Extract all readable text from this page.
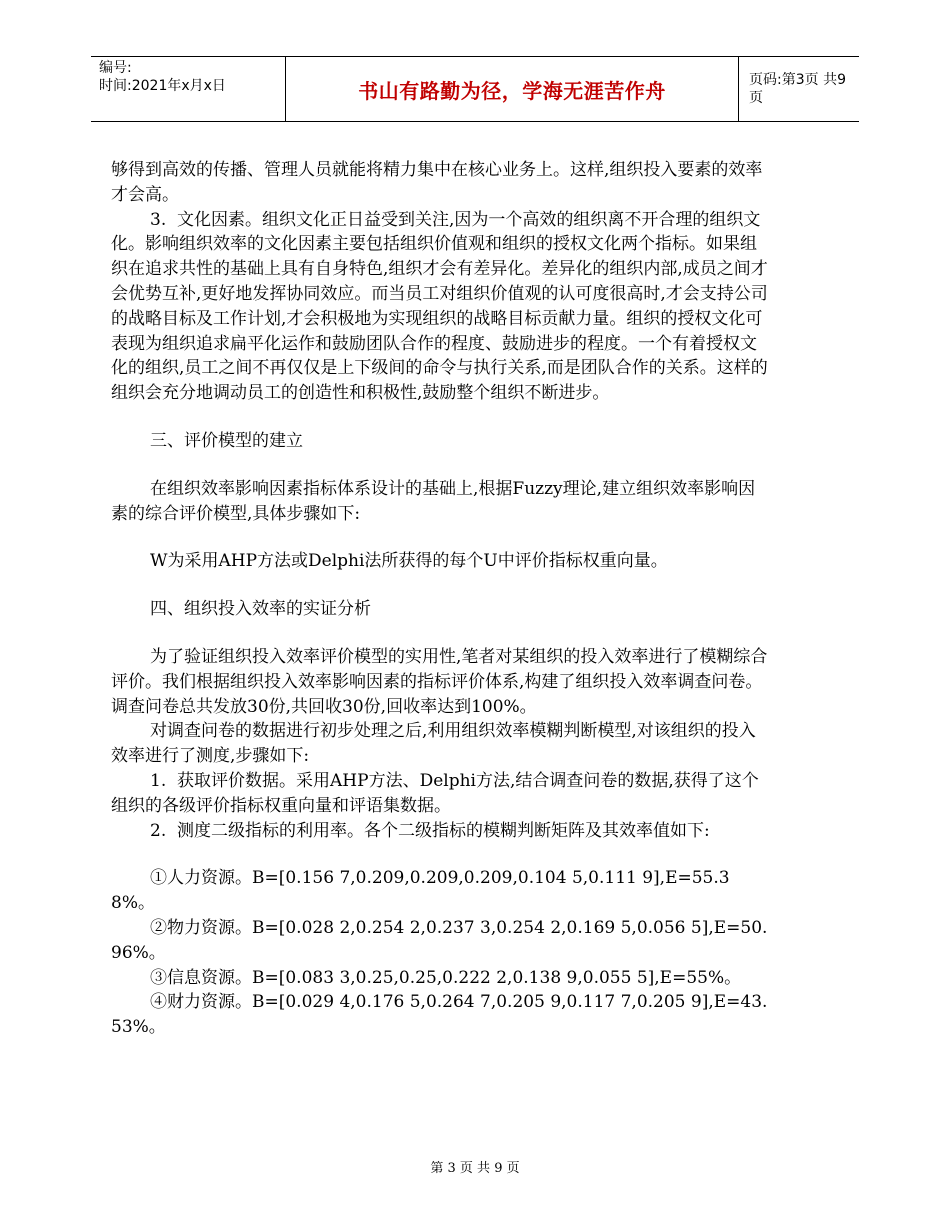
编号:
时间:2021年x月x日	书山有路勤为径，学海无涯苦作舟	页码:第3页 共9页

够得到高效的传播、管理人员就能将精力集中在核心业务上。这样,组织投入要素的效率才会高。

3.  文化因素。组织文化正日益受到关注,因为一个高效的组织离不开合理的组织文化。影响组织效率的文化因素主要包括组织价值观和组织的授权文化两个指标。如果组织在追求共性的基础上具有自身特色,组织才会有差异化。差异化的组织内部,成员之间才会优势互补,更好地发挥协同效应。而当员工对组织价值观的认可度很高时,才会支持公司的战略目标及工作计划,才会积极地为实现组织的战略目标贡献力量。组织的授权文化可表现为组织追求扁平化运作和鼓励团队合作的程度、鼓励进步的程度。一个有着授权文化的组织,员工之间不再仅仅是上下级间的命令与执行关系,而是团队合作的关系。这样的组织会充分地调动员工的创造性和积极性,鼓励整个组织不断进步。

三、评价模型的建立

在组织效率影响因素指标体系设计的基础上,根据Fuzzy理论,建立组织效率影响因素的综合评价模型,具体步骤如下:

W为采用AHP方法或Delphi法所获得的每个U中评价指标权重向量。

四、组织投入效率的实证分析

为了验证组织投入效率评价模型的实用性,笔者对某组织的投入效率进行了模糊综合评价。我们根据组织投入效率影响因素的指标评价体系,构建了组织投入效率调查问卷。调查问卷总共发放30份,共回收30份,回收率达到100%。

对调查问卷的数据进行初步处理之后,利用组织效率模糊判断模型,对该组织的投入效率进行了测度,步骤如下:

1.  获取评价数据。采用AHP方法、Delphi方法,结合调查问卷的数据,获得了这个组织的各级评价指标权重向量和评语集数据。

2.  测度二级指标的利用率。各个二级指标的模糊判断矩阵及其效率值如下:

①人力资源。B=[0.156 7,0.209,0.209,0.209,0.104 5,0.111 9],E=55.38%。

②物力资源。B=[0.028 2,0.254 2,0.237 3,0.254 2,0.169 5,0.056 5],E=50.96%。

③信息资源。B=[0.083 3,0.25,0.25,0.222 2,0.138 9,0.055 5],E=55%。

④财力资源。B=[0.029 4,0.176 5,0.264 7,0.205 9,0.117 7,0.205 9],E=43.53%。

第 3 页 共 9 页
